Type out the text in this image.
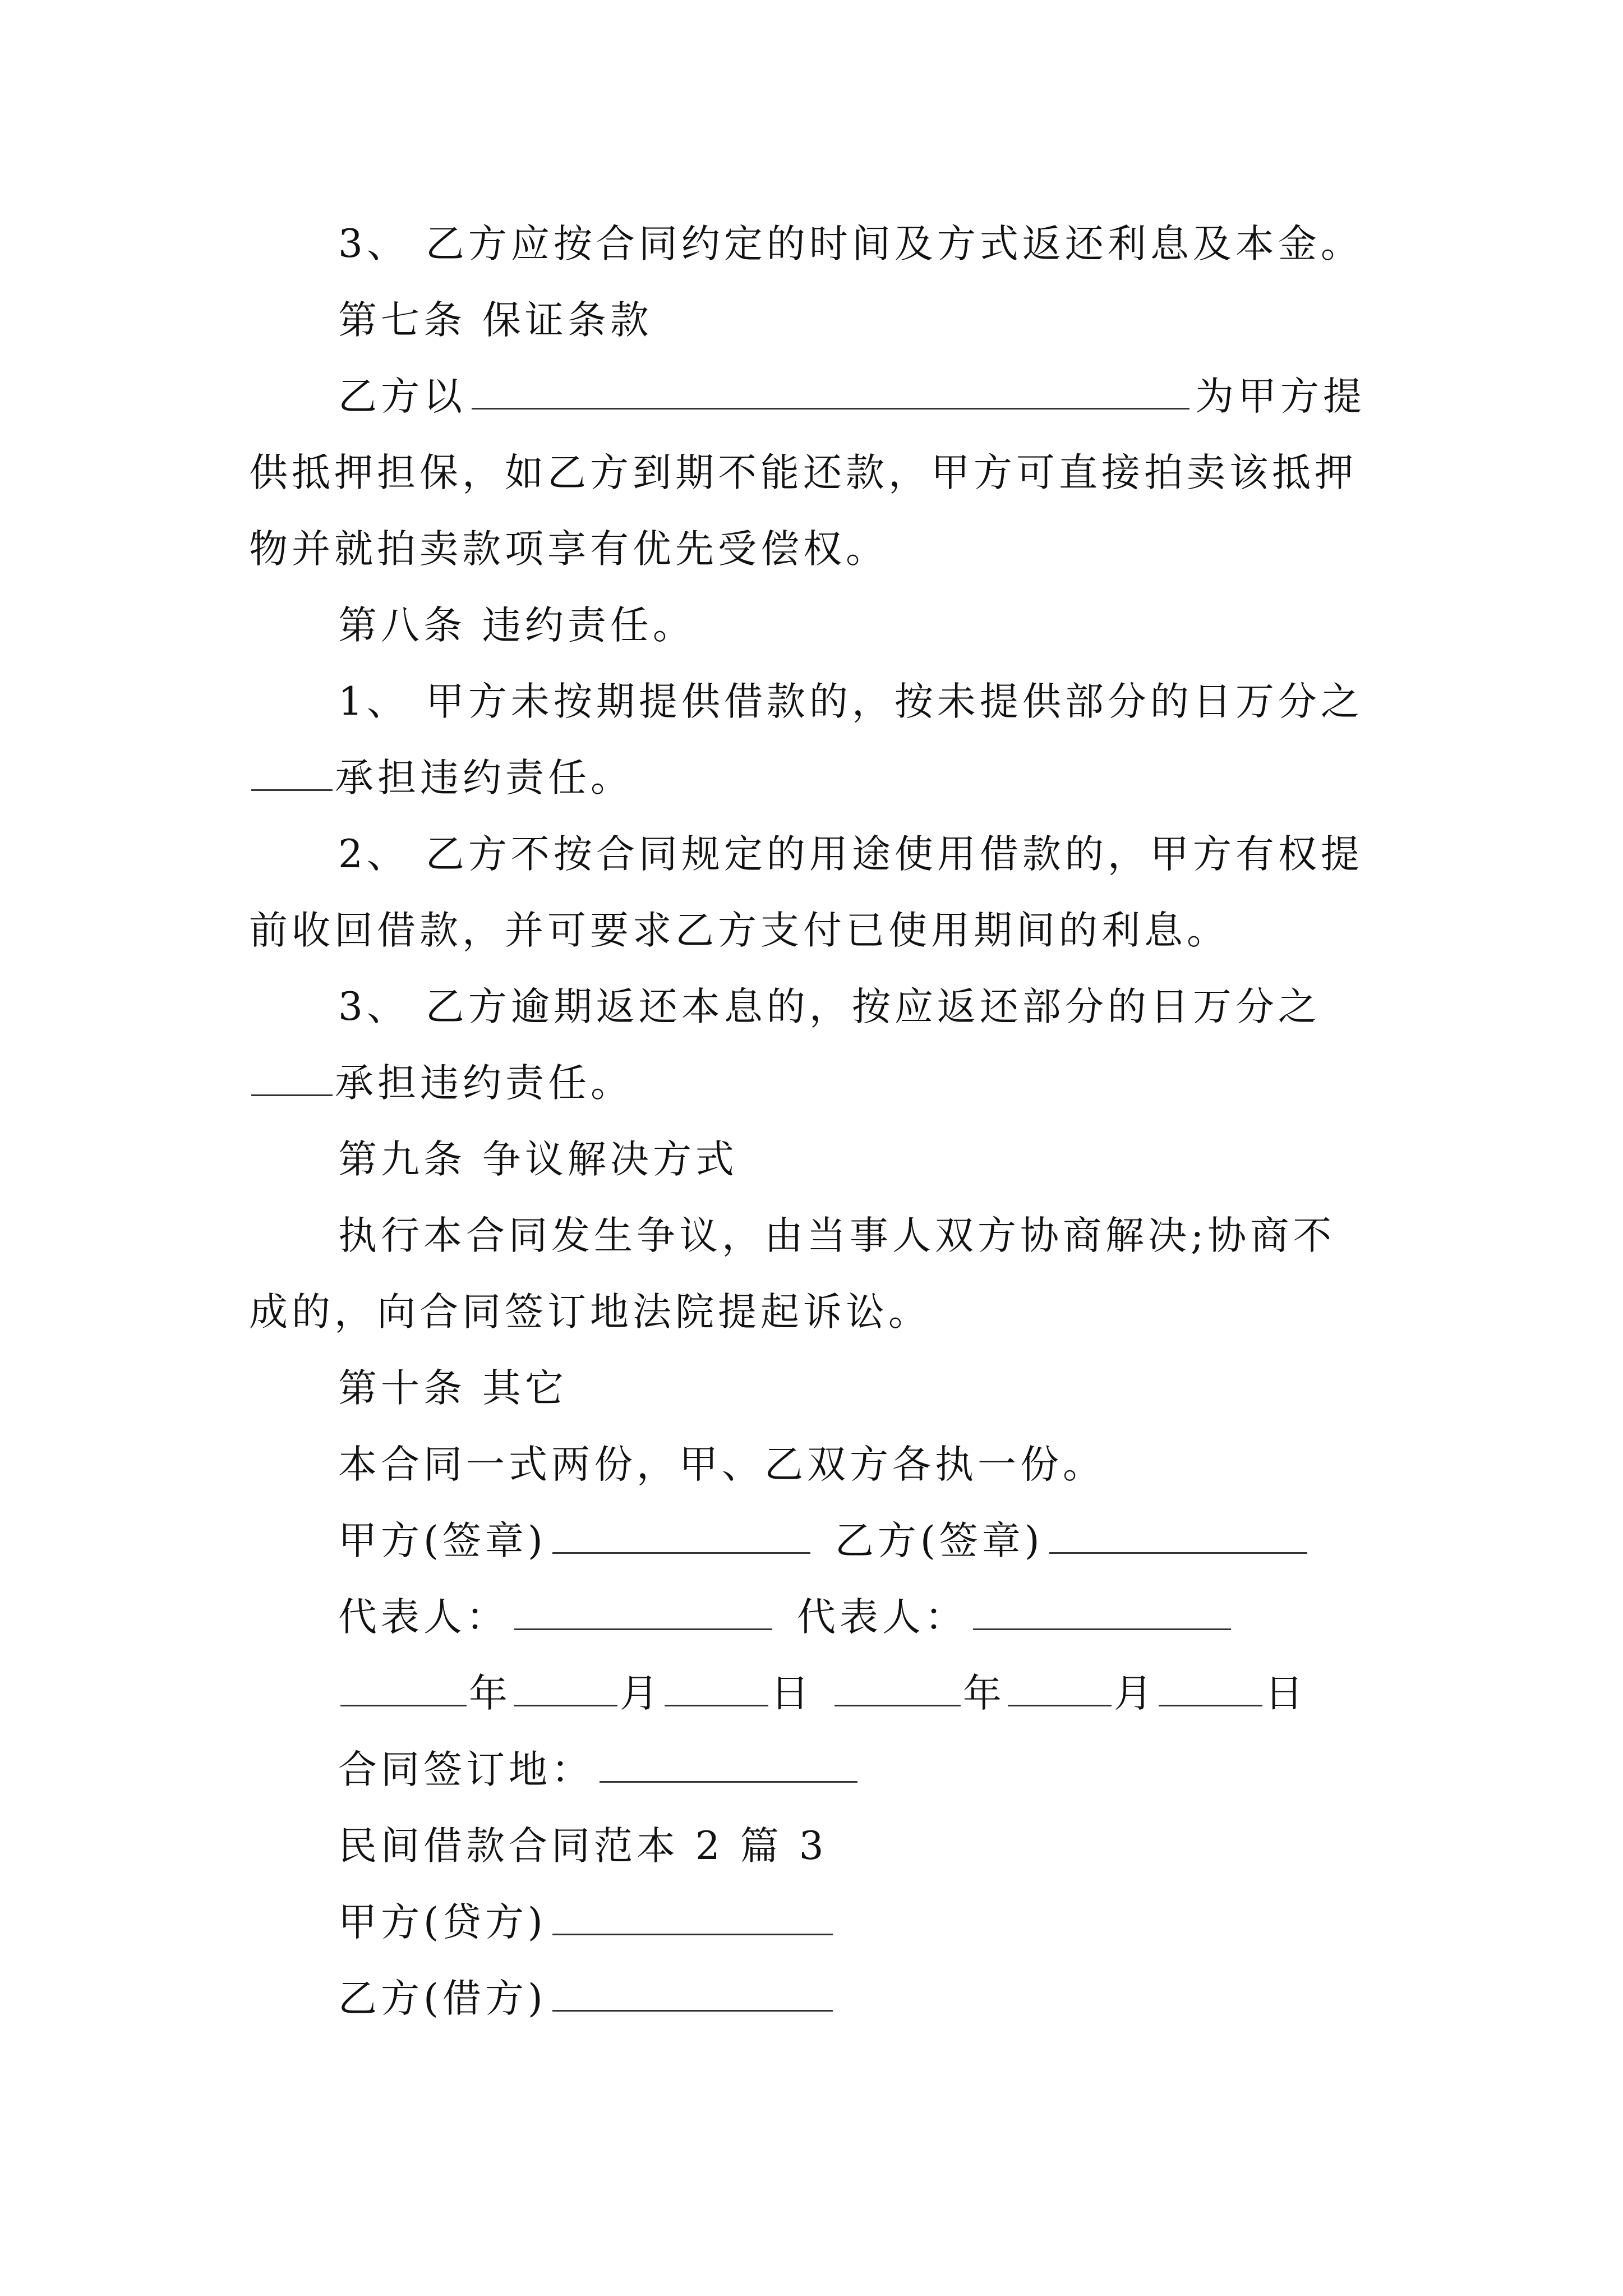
3、 乙方应按合同约定的时间及方式返还利息及本金。
第七条 保证条款
乙方以	为甲方提
供抵押担保，如乙方到期不能还款，甲方可直接拍卖该抵押
物并就拍卖款项享有优先受偿权。
第八条 违约责任。
1、 甲方未按期提供借款的，按未提供部分的日万分之
承担违约责任。
2、 乙方不按合同规定的用途使用借款的，甲方有权提
前收回借款，并可要求乙方支付已使用期间的利息。
3、 乙方逾期返还本息的，按应返还部分的日万分之
承担违约责任。
第九条 争议解决方式
执行本合同发生争议，由当事人双方协商解决;协商不
成的，向合同签订地法院提起诉讼。
第十条 其它
本合同一式两份，甲、乙双方各执一份。
甲方(签章)	乙方(签章)
代表人：	代表人：
年	月	日	年	月	日
合同签订地：
民间借款合同范本 2 篇 3
甲方(贷方)
乙方(借方)
